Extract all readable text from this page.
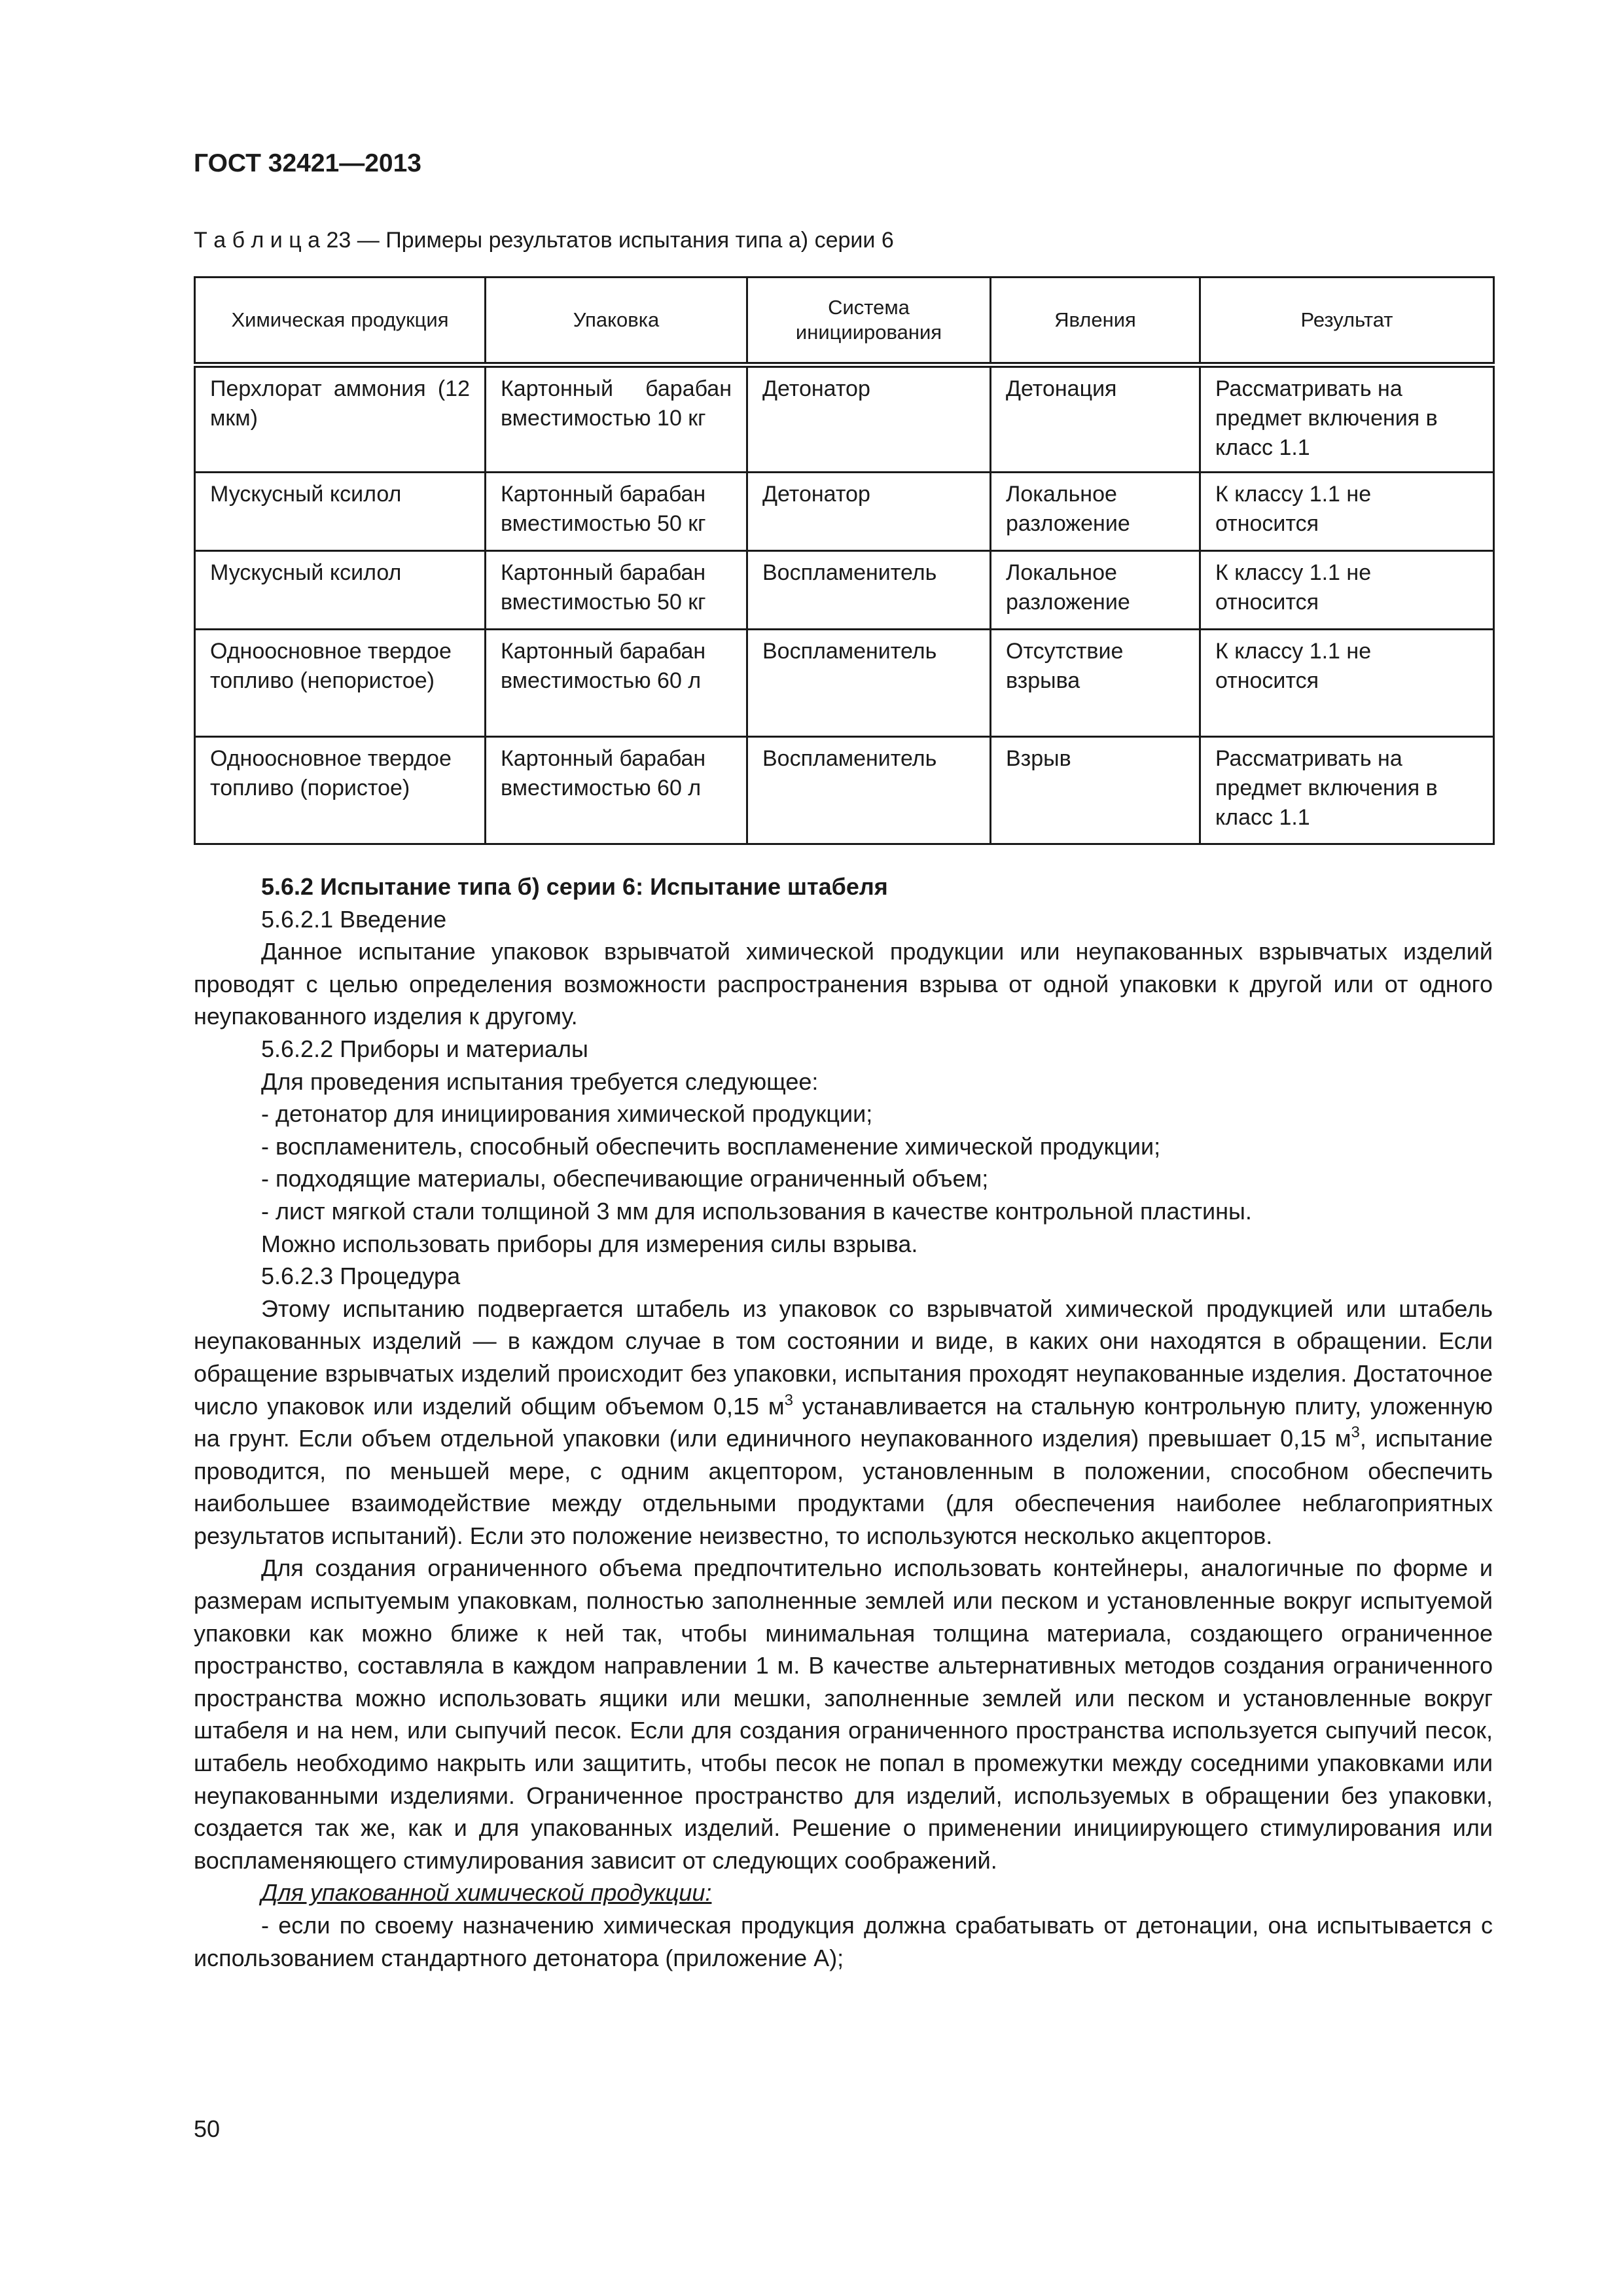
ГОСТ 32421—2013
Т а б л и ц а 23 — Примеры результатов испытания типа а) серии 6
Химическая продукция	Упаковка	Система инициирования	Явления	Результат
Перхлорат аммония (12 мкм)	Картонный барабан вместимостью 10 кг	Детонатор	Детонация	Рассматривать на предмет включения в класс 1.1
Мускусный ксилол	Картонный барабан вместимостью 50 кг	Детонатор	Локальное разложение	К классу 1.1 не относится
Мускусный ксилол	Картонный барабан вместимостью 50 кг	Воспламенитель	Локальное разложение	К классу 1.1 не относится
Одноосновное твердое топливо (непористое)	Картонный барабан вместимостью 60 л	Воспламенитель	Отсутствие взрыва	К классу 1.1 не относится
Одноосновное твердое топливо (пористое)	Картонный барабан вместимостью 60 л	Воспламенитель	Взрыв	Рассматривать на предмет включения в класс 1.1

5.6.2 Испытание типа б) серии 6: Испытание штабеля

5.6.2.1 Введение

Данное испытание упаковок взрывчатой химической продукции или неупакованных взрывчатых изделий проводят с целью определения возможности распространения взрыва от одной упаковки к другой или от одного неупакованного изделия к другому.

5.6.2.2 Приборы и материалы

Для проведения испытания требуется следующее:

- детонатор для инициирования химической продукции;

- воспламенитель, способный обеспечить воспламенение химической продукции;

- подходящие материалы, обеспечивающие ограниченный объем;

- лист мягкой стали толщиной 3 мм для использования в качестве контрольной пластины.

Можно использовать приборы для измерения силы взрыва.

5.6.2.3 Процедура

Этому испытанию подвергается штабель из упаковок со взрывчатой химической продукцией или штабель неупакованных изделий — в каждом случае в том состоянии и виде, в каких они находятся в обращении. Если обращение взрывчатых изделий происходит без упаковки, испытания проходят неупакованные изделия. Достаточное число упаковок или изделий общим объемом 0,15 $м^3$ устанавливается на стальную контрольную плиту, уложенную на грунт. Если объем отдельной упаковки (или единичного неупакованного изделия) превышает 0,15 $м^3$, испытание проводится, по меньшей мере, с одним акцептором, установленным в положении, способном обеспечить наибольшее взаимодействие между отдельными продуктами (для обеспечения наиболее неблагоприятных результатов испытаний). Если это положение неизвестно, то используются несколько акцепторов.

Для создания ограниченного объема предпочтительно использовать контейнеры, аналогичные по форме и размерам испытуемым упаковкам, полностью заполненные землей или песком и установленные вокруг испытуемой упаковки как можно ближе к ней так, чтобы минимальная толщина материала, создающего ограниченное пространство, составляла в каждом направлении 1 м. В качестве альтернативных методов создания ограниченного пространства можно использовать ящики или мешки, заполненные землей или песком и установленные вокруг штабеля и на нем, или сыпучий песок. Если для создания ограниченного пространства используется сыпучий песок, штабель необходимо накрыть или защитить, чтобы песок не попал в промежутки между соседними упаковками или неупакованными изделиями. Ограниченное пространство для изделий, используемых в обращении без упаковки, создается так же, как и для упакованных изделий. Решение о применении инициирующего стимулирования или воспламеняющего стимулирования зависит от следующих соображений.

Для упакованной химической продукции:

- если по своему назначению химическая продукция должна срабатывать от детонации, она испытывается с использованием стандартного детонатора (приложение А);

50
